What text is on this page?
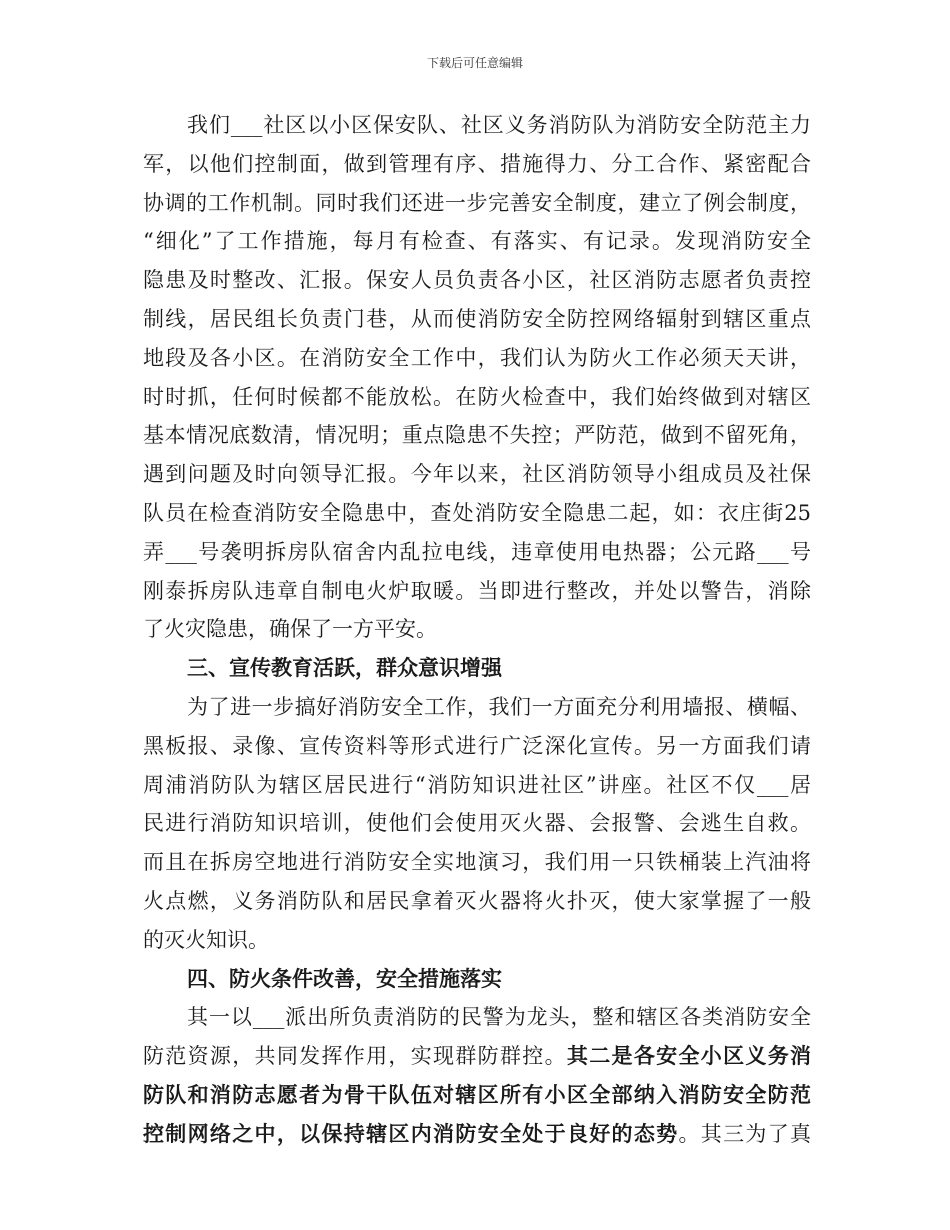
下载后可任意编辑
我们___社区以小区保安队、社区义务消防队为消防安全防范主力
军，以他们控制面，做到管理有序、措施得力、分工合作、紧密配合
协调的工作机制。同时我们还进一步完善安全制度，建立了例会制度，
“细化”了工作措施，每月有检查、有落实、有记录。发现消防安全
隐患及时整改、汇报。保安人员负责各小区，社区消防志愿者负责控
制线，居民组长负责门巷，从而使消防安全防控网络辐射到辖区重点
地段及各小区。在消防安全工作中，我们认为防火工作必须天天讲，
时时抓，任何时候都不能放松。在防火检查中，我们始终做到对辖区
基本情况底数清，情况明；重点隐患不失控；严防范，做到不留死角，
遇到问题及时向领导汇报。今年以来，社区消防领导小组成员及社保
队员在检查消防安全隐患中，查处消防安全隐患二起，如：衣庄街25
弄___号袭明拆房队宿舍内乱拉电线，违章使用电热器；公元路___号
刚泰拆房队违章自制电火炉取暖。当即进行整改，并处以警告，消除
了火灾隐患，确保了一方平安。
三、宣传教育活跃，群众意识增强
为了进一步搞好消防安全工作，我们一方面充分利用墙报、横幅、
黑板报、录像、宣传资料等形式进行广泛深化宣传。另一方面我们请
周浦消防队为辖区居民进行“消防知识进社区”讲座。社区不仅___居
民进行消防知识培训，使他们会使用灭火器、会报警、会逃生自救。
而且在拆房空地进行消防安全实地演习，我们用一只铁桶装上汽油将
火点燃，义务消防队和居民拿着灭火器将火扑灭，使大家掌握了一般
的灭火知识。
四、防火条件改善，安全措施落实
其一以___派出所负责消防的民警为龙头，整和辖区各类消防安全
防范资源，共同发挥作用，实现群防群控。其二是各安全小区义务消
防队和消防志愿者为骨干队伍对辖区所有小区全部纳入消防安全防范
控制网络之中，以保持辖区内消防安全处于良好的态势。其三为了真
